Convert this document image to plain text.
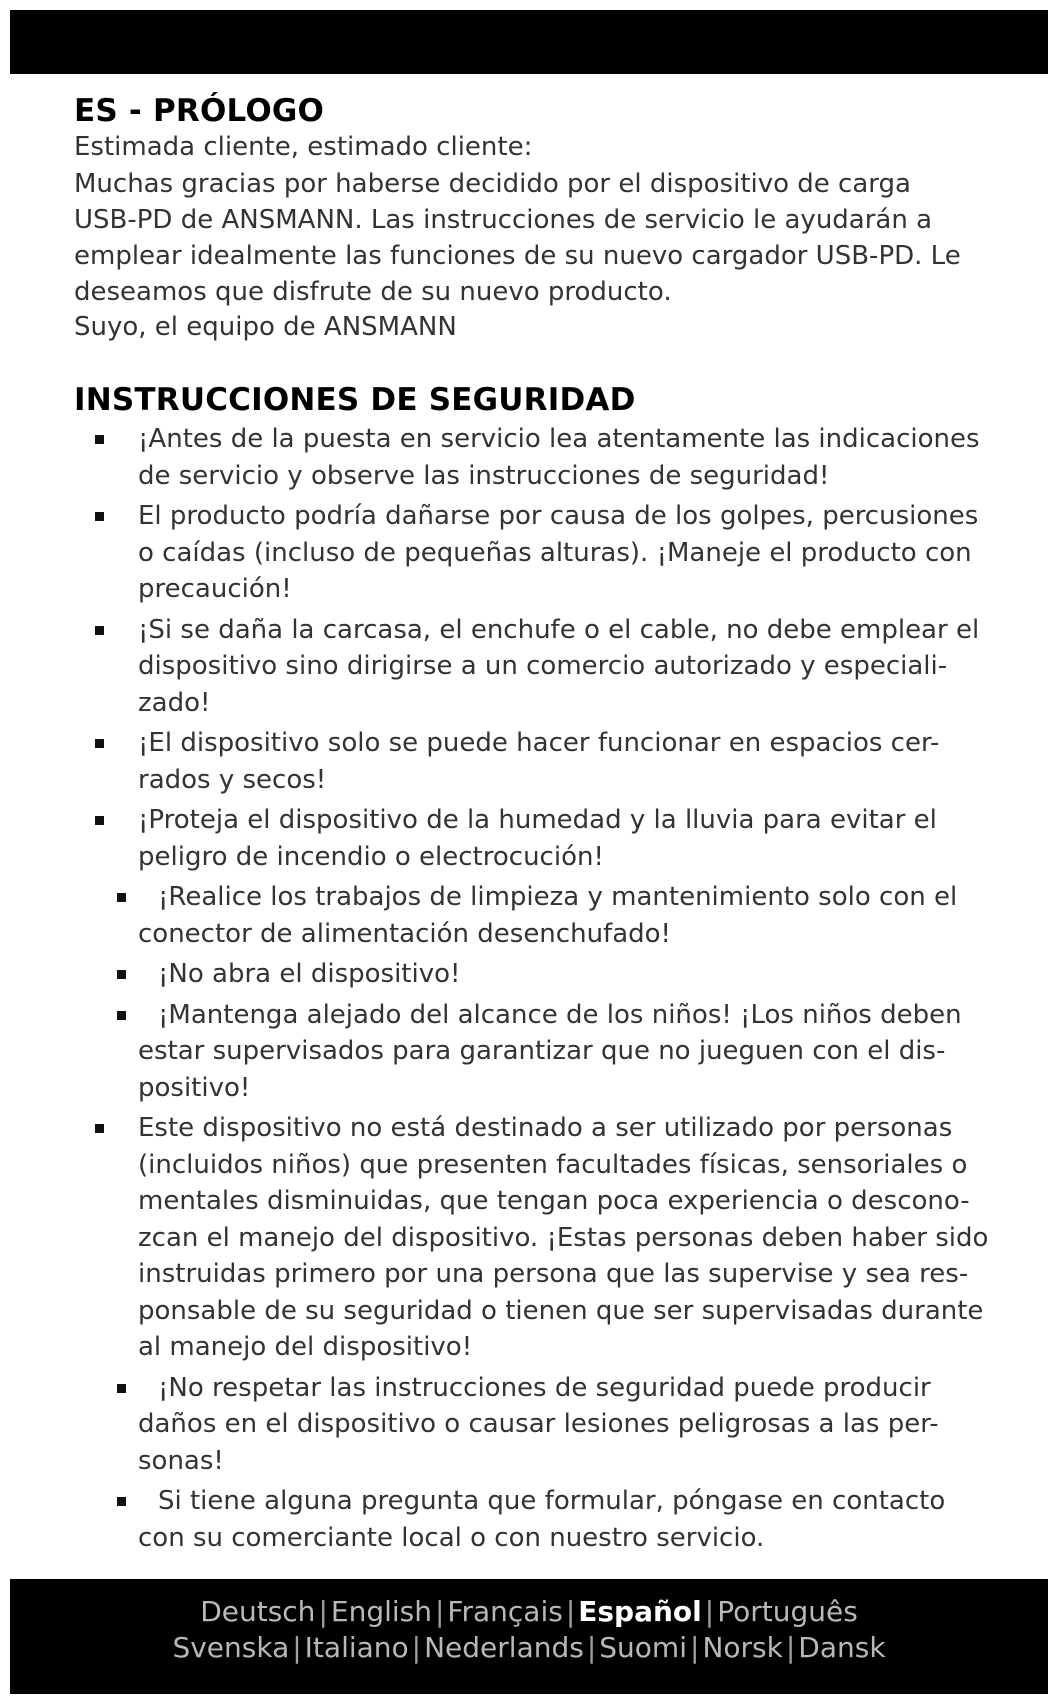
ES - PRÓLOGO
Estimada cliente, estimado cliente:
Muchas gracias por haberse decidido por el dispositivo de carga USB-PD de ANSMANN. Las instrucciones de servicio le ayudarán a emplear idealmente las funciones de su nuevo cargador USB-PD. Le deseamos que disfrute de su nuevo producto.
Suyo, el equipo de ANSMANN
INSTRUCCIONES DE SEGURIDAD
¡Antes de la puesta en servicio lea atentamente las indicaciones de servicio y observe las instrucciones de seguridad!
El producto podría dañarse por causa de los golpes, percusiones o caídas (incluso de pequeñas alturas). ¡Maneje el producto con precaución!
¡Si se daña la carcasa, el enchufe o el cable, no debe emplear el dispositivo sino dirigirse a un comercio autorizado y especiali-zado!
¡El dispositivo solo se puede hacer funcionar en espacios cer-rados y secos!
¡Proteja el dispositivo de la humedad y la lluvia para evitar el peligro de incendio o electrocución!
¡Realice los trabajos de limpieza y mantenimiento solo con el conector de alimentación desenchufado!
¡No abra el dispositivo!
¡Mantenga alejado del alcance de los niños! ¡Los niños deben estar supervisados para garantizar que no jueguen con el dis-positivo!
Este dispositivo no está destinado a ser utilizado por personas (incluidos niños) que presenten facultades físicas, sensoriales o mentales disminuidas, que tengan poca experiencia o descono-zcan el manejo del dispositivo. ¡Estas personas deben haber sido instruidas primero por una persona que las supervise y sea res-ponsable de su seguridad o tienen que ser supervisadas durante al manejo del dispositivo!
¡No respetar las instrucciones de seguridad puede producir daños en el dispositivo o causar lesiones peligrosas a las per-sonas!
Si tiene alguna pregunta que formular, póngase en contacto con su comerciante local o con nuestro servicio.
Deutsch | English | Français | Español | Português
Svenska | Italiano | Nederlands | Suomi | Norsk | Dansk
